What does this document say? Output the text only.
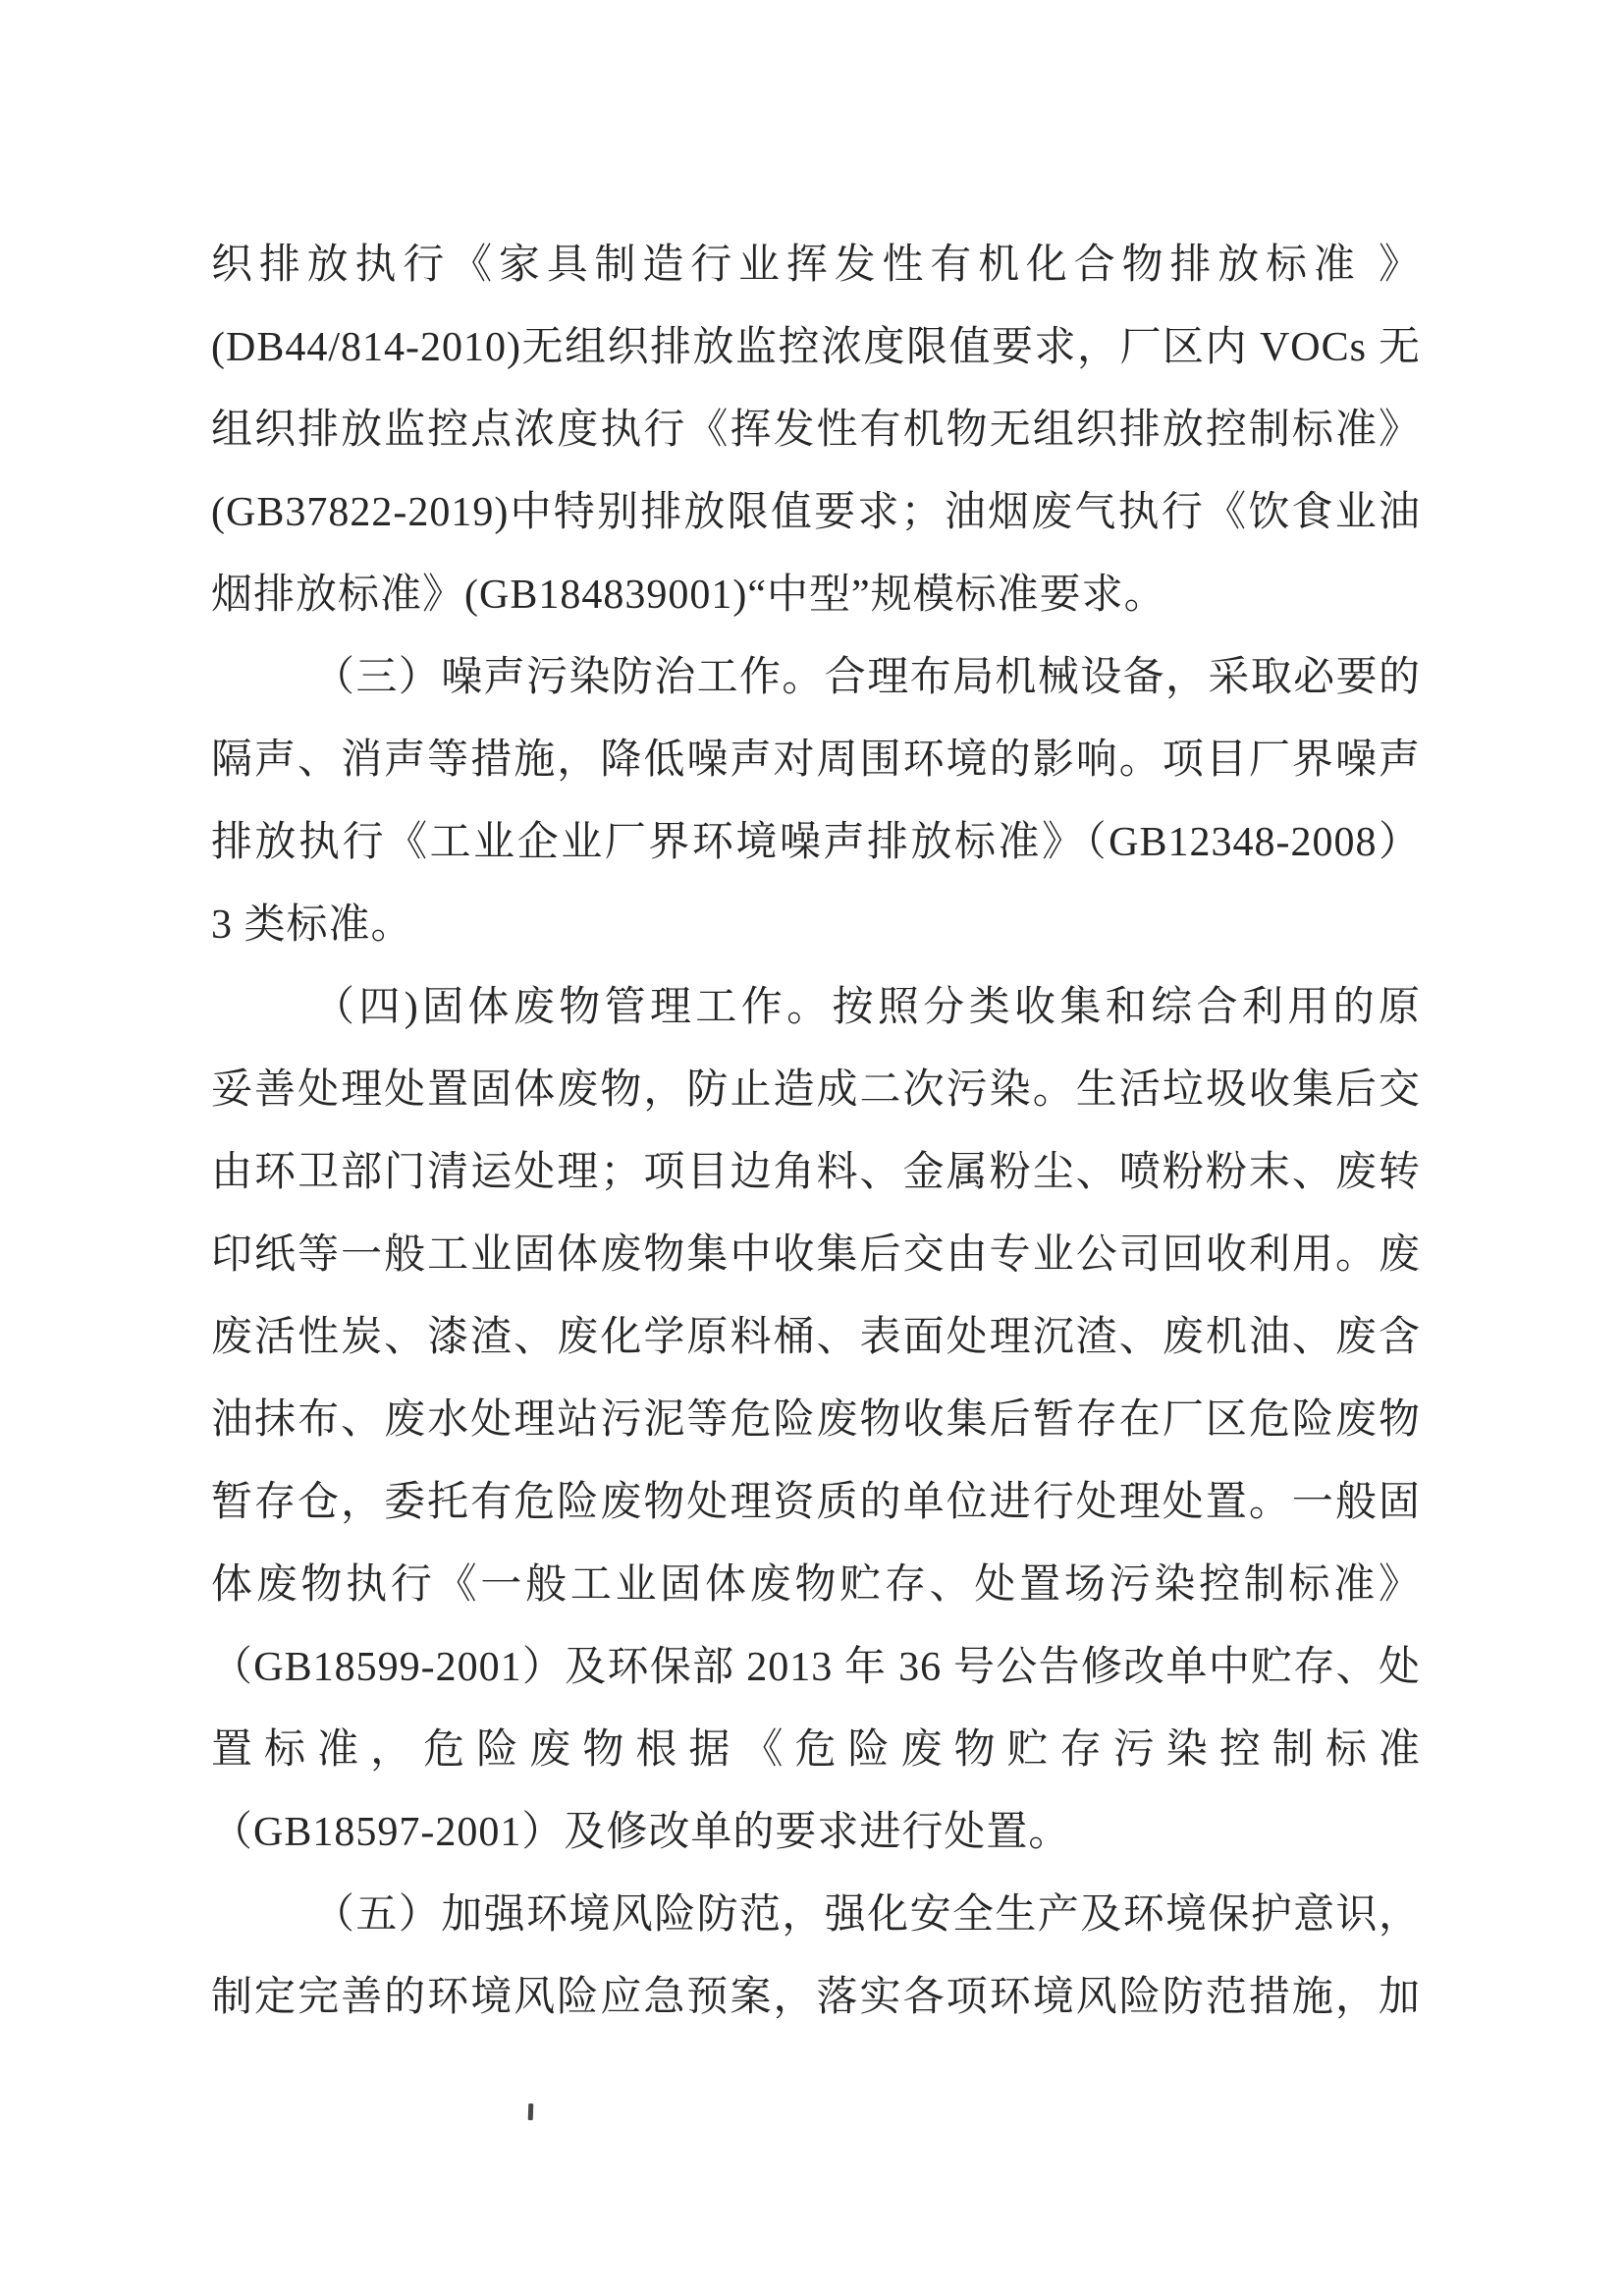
织排放执行《家具制造行业挥发性有机化合物排放标准 》
(DB44/814-2010)无组织排放监控浓度限值要求，厂区内 VOCs 无
组织排放监控点浓度执行《挥发性有机物无组织排放控制标准》
(GB37822-2019)中特别排放限值要求；油烟废气执行《饮食业油
烟排放标准》(GB184839001)“中型”规模标准要求。
（三）噪声污染防治工作。合理布局机械设备，采取必要的
隔声、消声等措施，降低噪声对周围环境的影响。项目厂界噪声
排放执行《工业企业厂界环境噪声排放标准》（GB12348-2008）
3 类标准。
（四)固体废物管理工作。按照分类收集和综合利用的原
妥善处理处置固体废物，防止造成二次污染。生活垃圾收集后交
由环卫部门清运处理；项目边角料、金属粉尘、喷粉粉末、废转
印纸等一般工业固体废物集中收集后交由专业公司回收利用。废
废活性炭、漆渣、废化学原料桶、表面处理沉渣、废机油、废含
油抹布、废水处理站污泥等危险废物收集后暂存在厂区危险废物
暂存仓，委托有危险废物处理资质的单位进行处理处置。一般固
体废物执行《一般工业固体废物贮存、处置场污染控制标准》
（GB18599-2001）及环保部 2013 年 36 号公告修改单中贮存、处
置标准，危险废物根据《危险废物贮存污染控制标准
（GB18597-2001）及修改单的要求进行处置。
（五）加强环境风险防范，强化安全生产及环境保护意识，
制定完善的环境风险应急预案，落实各项环境风险防范措施，加
